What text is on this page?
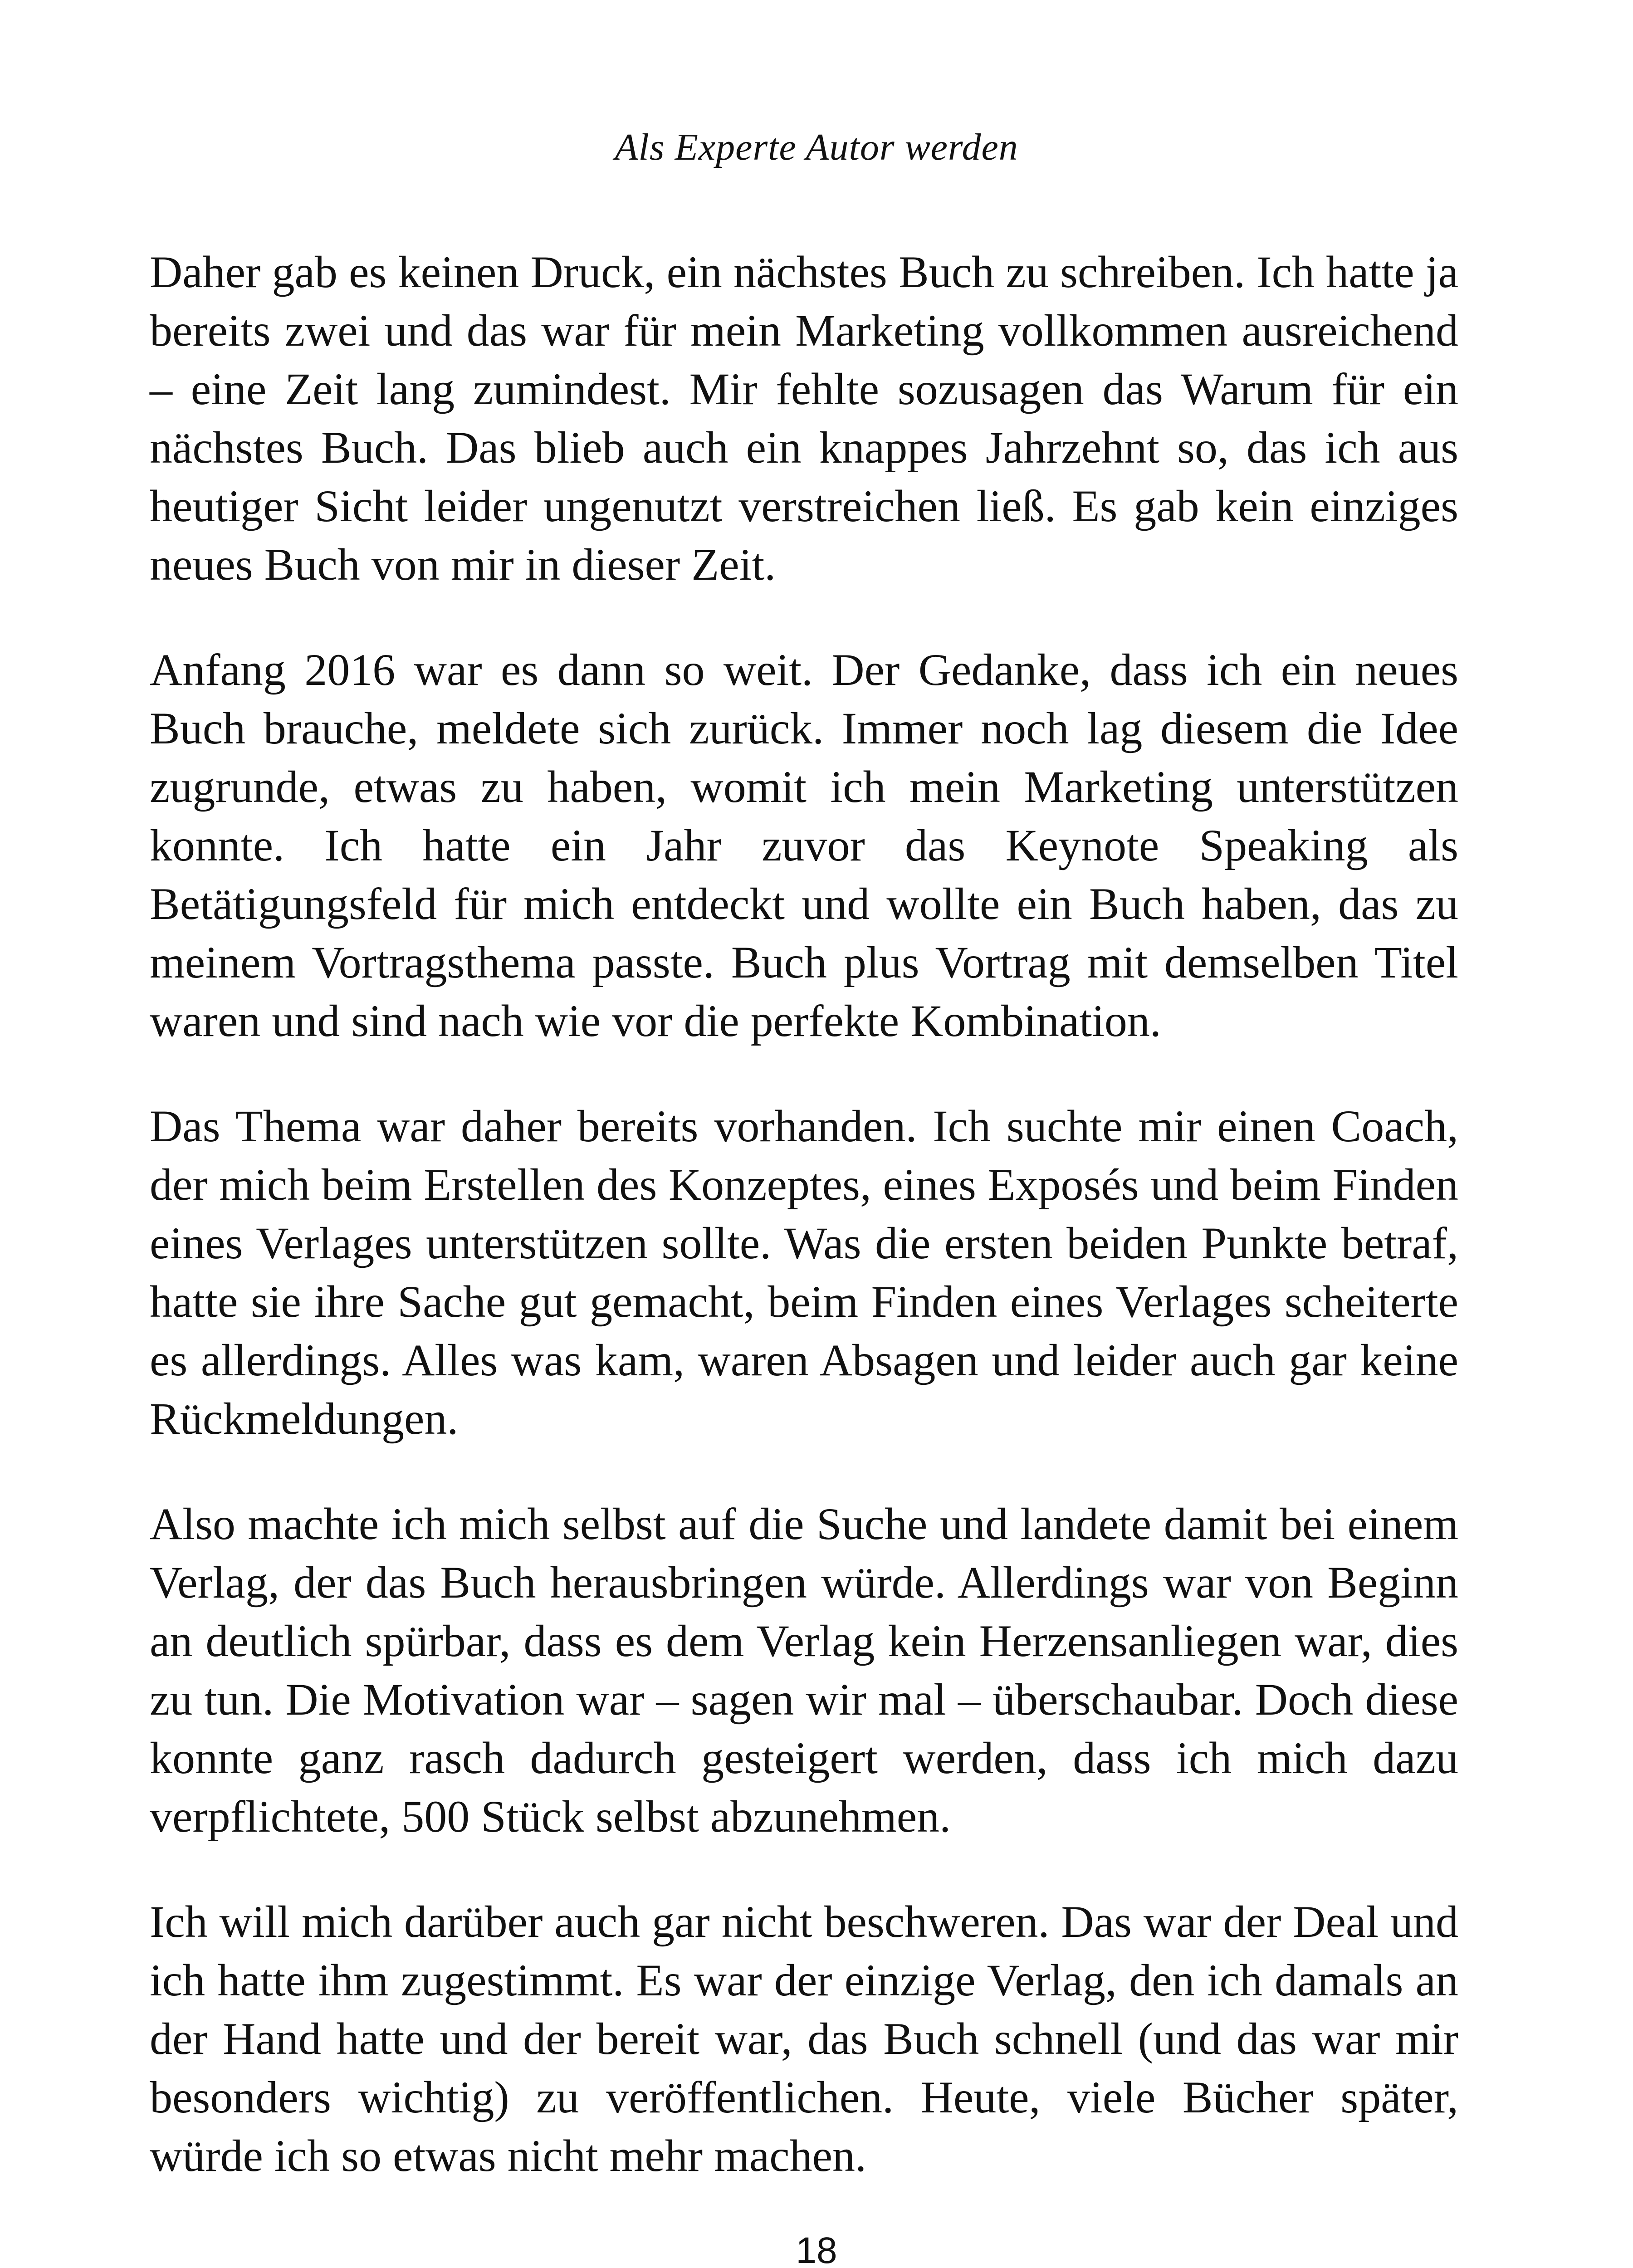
Als Experte Autor werden

Daher gab es keinen Druck, ein nächstes Buch zu schreiben. Ich hatte ja bereits zwei und das war für mein Marketing vollkommen ausreichend – eine Zeit lang zumindest. Mir fehlte sozusagen das Warum für ein nächstes Buch. Das blieb auch ein knappes Jahrzehnt so, das ich aus heutiger Sicht leider ungenutzt verstreichen ließ. Es gab kein einziges neues Buch von mir in dieser Zeit.

Anfang 2016 war es dann so weit. Der Gedanke, dass ich ein neues Buch brauche, meldete sich zurück. Immer noch lag diesem die Idee zugrunde, etwas zu haben, womit ich mein Marketing unterstützen konnte. Ich hatte ein Jahr zuvor das Keynote Speaking als Betätigungsfeld für mich entdeckt und wollte ein Buch haben, das zu meinem Vortragsthema passte. Buch plus Vortrag mit demselben Titel waren und sind nach wie vor die perfekte Kombination.

Das Thema war daher bereits vorhanden. Ich suchte mir einen Coach, der mich beim Erstellen des Konzeptes, eines Exposés und beim Finden eines Verlages unterstützen sollte. Was die ersten beiden Punkte betraf, hatte sie ihre Sache gut gemacht, beim Finden eines Verlages scheiterte es allerdings. Alles was kam, waren Absagen und leider auch gar keine Rückmeldungen.

Also machte ich mich selbst auf die Suche und landete damit bei einem Verlag, der das Buch herausbringen würde. Allerdings war von Beginn an deutlich spürbar, dass es dem Verlag kein Herzensanliegen war, dies zu tun. Die Motivation war – sagen wir mal – überschaubar. Doch diese konnte ganz rasch dadurch gesteigert werden, dass ich mich dazu verpflichtete, 500 Stück selbst abzunehmen.

Ich will mich darüber auch gar nicht beschweren. Das war der Deal und ich hatte ihm zugestimmt. Es war der einzige Verlag, den ich damals an der Hand hatte und der bereit war, das Buch schnell (und das war mir besonders wichtig) zu veröffentlichen. Heute, viele Bücher später, würde ich so etwas nicht mehr machen.

18
